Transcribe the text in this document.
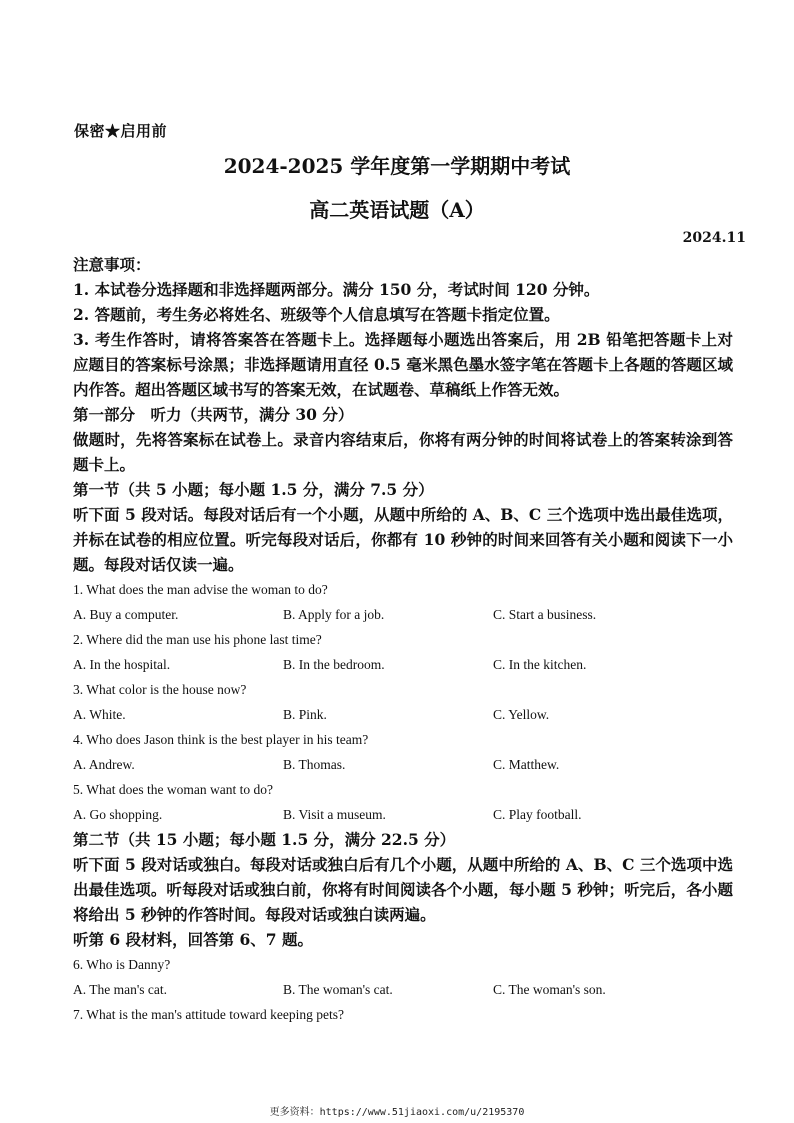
保密★启用前
2024-2025 学年度第一学期期中考试
高二英语试题（A）
2024.11

注意事项：

1. 本试卷分选择题和非选择题两部分。满分 150 分，考试时间 120 分钟。

2. 答题前，考生务必将姓名、班级等个人信息填写在答题卡指定位置。

3. 考生作答时，请将答案答在答题卡上。选择题每小题选出答案后，用 2B 铅笔把答题卡上对应题目的答案标号涂黑；非选择题请用直径 0.5 毫米黑色墨水签字笔在答题卡上各题的答题区域内作答。超出答题区域书写的答案无效，在试题卷、草稿纸上作答无效。

第一部分　听力（共两节，满分 30 分）

做题时，先将答案标在试卷上。录音内容结束后，你将有两分钟的时间将试卷上的答案转涂到答题卡上。

第一节（共 5 小题；每小题 1.5 分，满分 7.5 分）

听下面 5 段对话。每段对话后有一个小题，从题中所给的 A、B、C 三个选项中选出最佳选项，并标在试卷的相应位置。听完每段对话后，你都有 10 秒钟的时间来回答有关小题和阅读下一小题。每段对话仅读一遍。

1. What does the man advise the woman to do?

A. Buy a computer.	B. Apply for a job.	C. Start a business.

2. Where did the man use his phone last time?

A. In the hospital.	B. In the bedroom.	C. In the kitchen.

3. What color is the house now?

A. White.	B. Pink.	C. Yellow.

4. Who does Jason think is the best player in his team?

A. Andrew.	B. Thomas.	C. Matthew.

5. What does the woman want to do?

A. Go shopping.	B. Visit a museum.	C. Play football.

第二节（共 15 小题；每小题 1.5 分，满分 22.5 分）

听下面 5 段对话或独白。每段对话或独白后有几个小题，从题中所给的 A、B、C 三个选项中选出最佳选项。听每段对话或独白前，你将有时间阅读各个小题，每小题 5 秒钟；听完后，各小题将给出 5 秒钟的作答时间。每段对话或独白读两遍。

听第 6 段材料，回答第 6、7 题。

6. Who is Danny?

A. The man's cat.	B. The woman's cat.	C. The woman's son.

7. What is the man's attitude toward keeping pets?

更多资料：https://www.51jiaoxi.com/u/2195370
